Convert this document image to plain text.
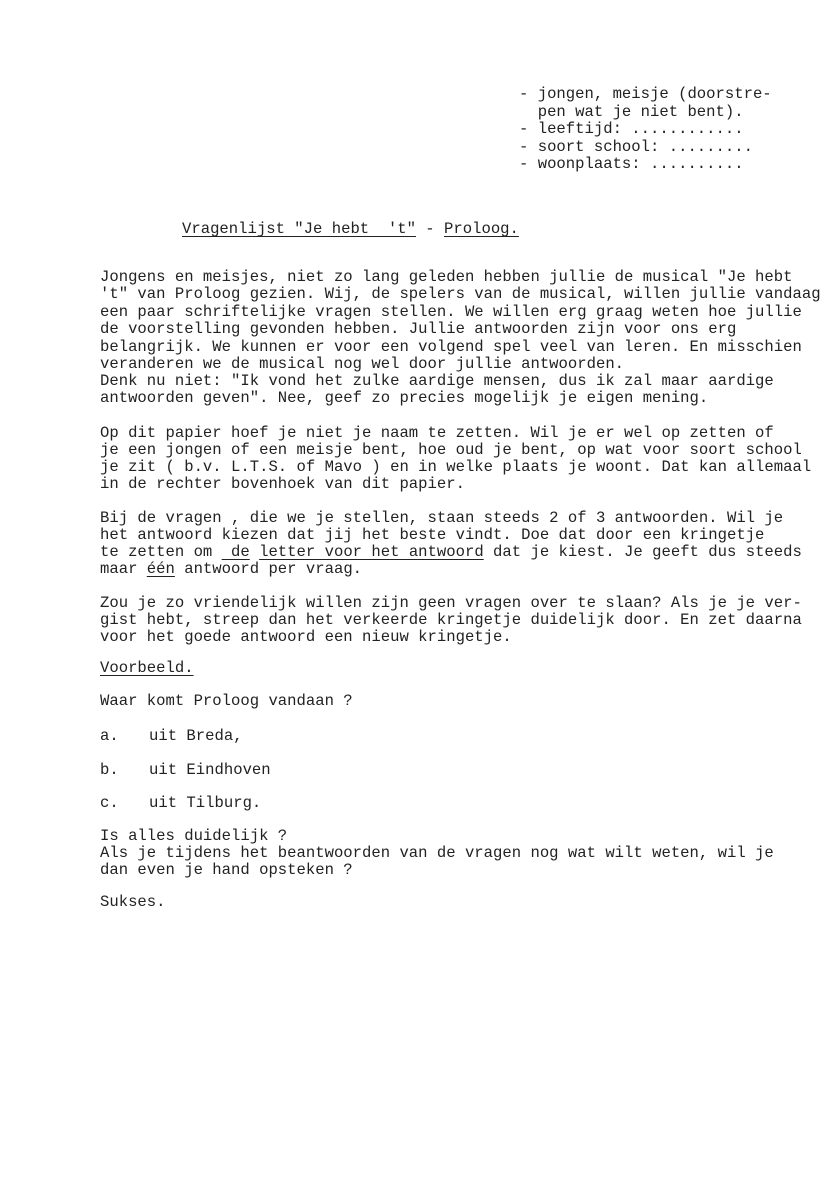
- jongen, meisje (doorstre-
pen wat je niet bent).
- leeftijd: ............
- soort school: .........
- woonplaats: ..........
Vragenlijst "Je hebt  't" - Proloog.
Jongens en meisjes, niet zo lang geleden hebben jullie de musical "Je hebt
't" van Proloog gezien. Wij, de spelers van de musical, willen jullie vandaag
een paar schriftelijke vragen stellen. We willen erg graag weten hoe jullie
de voorstelling gevonden hebben. Jullie antwoorden zijn voor ons erg
belangrijk. We kunnen er voor een volgend spel veel van leren. En misschien
veranderen we de musical nog wel door jullie antwoorden.
Denk nu niet: "Ik vond het zulke aardige mensen, dus ik zal maar aardige
antwoorden geven". Nee, geef zo precies mogelijk je eigen mening.
Op dit papier hoef je niet je naam te zetten. Wil je er wel op zetten of
je een jongen of een meisje bent, hoe oud je bent, op wat voor soort school
je zit ( b.v. L.T.S. of Mavo ) en in welke plaats je woont. Dat kan allemaal
in de rechter bovenhoek van dit papier.
Bij de vragen , die we je stellen, staan steeds 2 of 3 antwoorden. Wil je
het antwoord kiezen dat jij het beste vindt. Doe dat door een kringetje
te zetten om  de letter voor het antwoord dat je kiest. Je geeft dus steeds
maar één antwoord per vraag.
Zou je zo vriendelijk willen zijn geen vragen over te slaan? Als je je ver-
gist hebt, streep dan het verkeerde kringetje duidelijk door. En zet daarna
voor het goede antwoord een nieuw kringetje.
Voorbeeld.
Waar komt Proloog vandaan ?
a. uit Breda,
b. uit Eindhoven
c. uit Tilburg.
Is alles duidelijk ?
Als je tijdens het beantwoorden van de vragen nog wat wilt weten, wil je
dan even je hand opsteken ?
Sukses.
